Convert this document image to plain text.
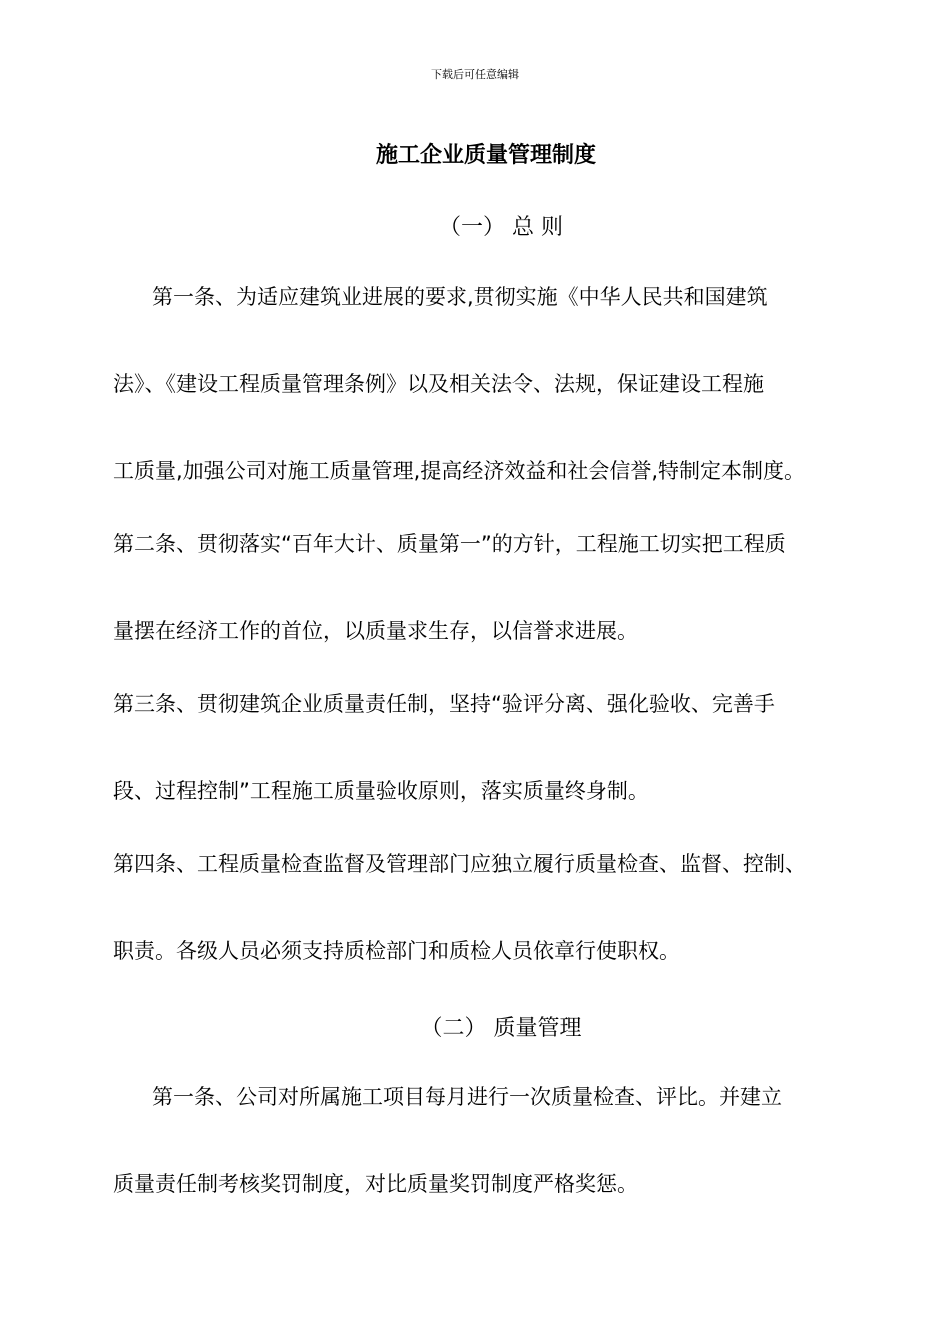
下载后可任意编辑
施工企业质量管理制度
（一） 总 则
第一条、为适应建筑业进展的要求,贯彻实施《中华人民共和国建筑
法》、《建设工程质量管理条例》以及相关法令、法规，保证建设工程施
工质量,加强公司对施工质量管理,提高经济效益和社会信誉,特制定本制度。
第二条、贯彻落实“百年大计、质量第一”的方针，工程施工切实把工程质
量摆在经济工作的首位，以质量求生存，以信誉求进展。
第三条、贯彻建筑企业质量责任制，坚持“验评分离、强化验收、完善手
段、过程控制”工程施工质量验收原则，落实质量终身制。
第四条、工程质量检查监督及管理部门应独立履行质量检查、监督、控制、
职责。各级人员必须支持质检部门和质检人员依章行使职权。
（二） 质量管理
第一条、公司对所属施工项目每月进行一次质量检查、评比。并建立
质量责任制考核奖罚制度，对比质量奖罚制度严格奖惩。
